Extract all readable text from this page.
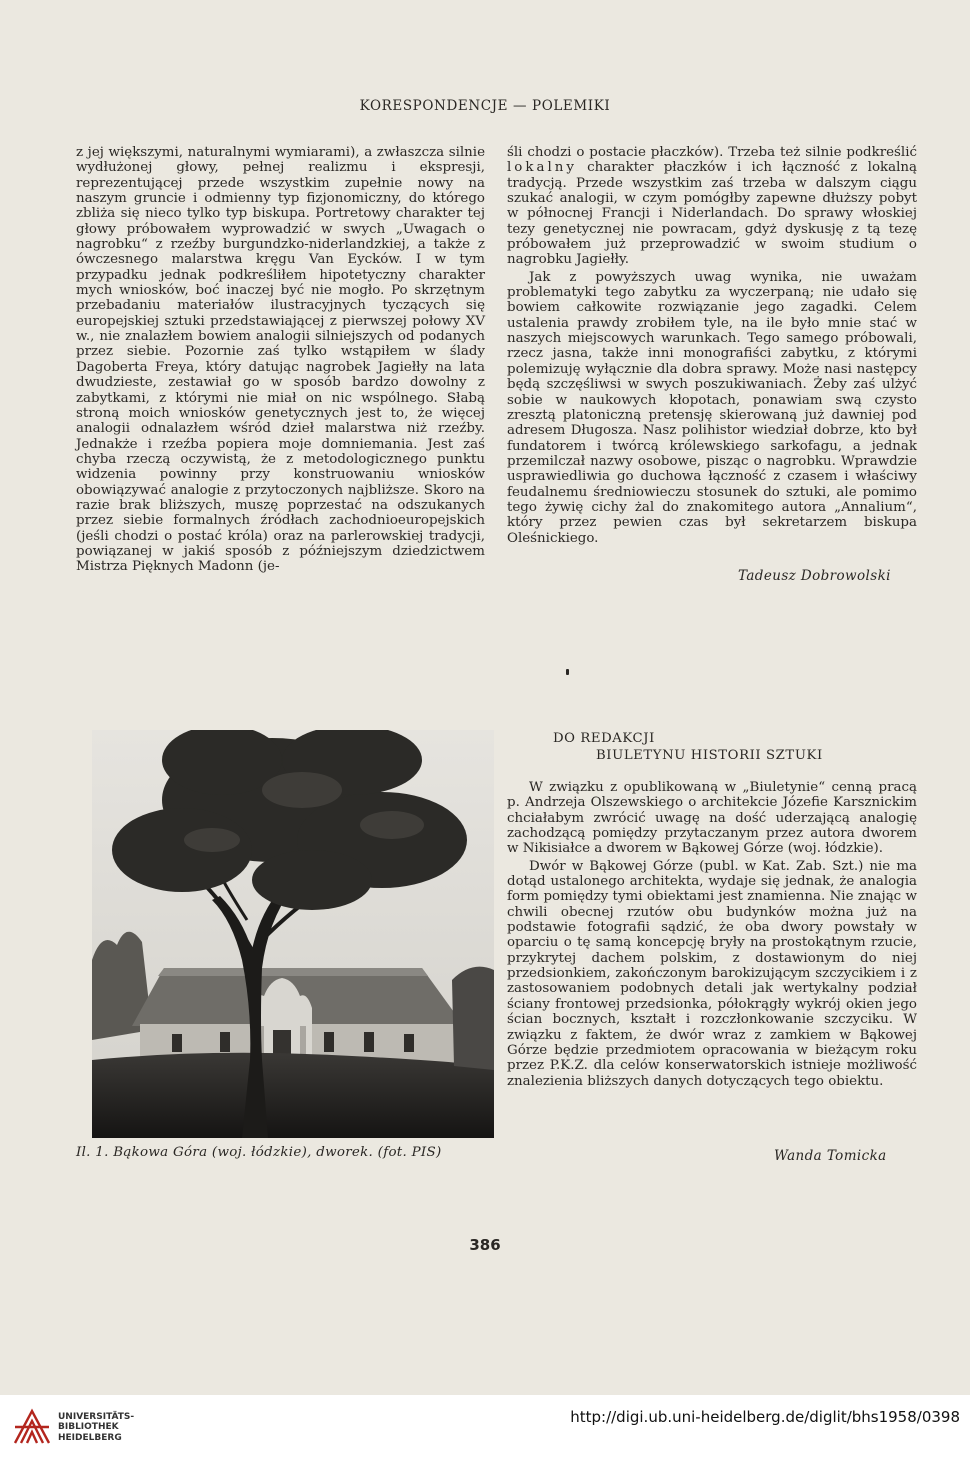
KORESPONDENCJE — POLEMIKI

z jej większymi, naturalnymi wymiarami), a zwłaszcza silnie wydłużonej głowy, pełnej realizmu i ekspresji, reprezentującej przede wszystkim zupełnie nowy na naszym gruncie i odmienny typ fizjonomiczny, do którego zbliża się nieco tylko typ biskupa. Portretowy charakter tej głowy próbowałem wyprowadzić w swych „Uwagach o nagrobku“ z rzeźby burgundzko-niderlandzkiej, a także z ówczesnego malarstwa kręgu Van Eycków. I w tym przypadku jednak podkreśliłem hipotetyczny charakter mych wniosków, boć inaczej być nie mogło. Po skrzętnym przebadaniu materiałów ilustracyjnych tyczących się europejskiej sztuki przedstawiającej z pierwszej połowy XV w., nie znalazłem bowiem analogii silniejszych od podanych przez siebie. Pozornie zaś tylko wstąpiłem w ślady Dagoberta Freya, który datując nagrobek Jagiełły na lata dwudzieste, zestawiał go w sposób bardzo dowolny z zabytkami, z którymi nie miał on nic wspólnego. Słabą stroną moich wniosków genetycznych jest to, że więcej analogii odnalazłem wśród dzieł malarstwa niż rzeźby. Jednakże i rzeźba popiera moje domniemania. Jest zaś chyba rzeczą oczywistą, że z metodologicznego punktu widzenia powinny przy konstruowaniu wniosków obowiązywać analogie z przytoczonych najbliższe. Skoro na razie brak bliższych, muszę poprzestać na odszukanych przez siebie formalnych źródłach zachodnioeuropejskich (jeśli chodzi o postać króla) oraz na parlerowskiej tradycji, powiązanej w jakiś sposób z późniejszym dziedzictwem Mistrza Pięknych Madonn (je-

śli chodzi o postacie płaczków). Trzeba też silnie podkreślić lokalny charakter płaczków i ich łączność z lokalną tradycją. Przede wszystkim zaś trzeba w dalszym ciągu szukać analogii, w czym pomógłby zapewne dłuższy pobyt w północnej Francji i Niderlandach. Do sprawy włoskiej tezy genetycznej nie powracam, gdyż dyskusję z tą tezę próbowałem już przeprowadzić w swoim studium o nagrobku Jagiełły.

Jak z powyższych uwag wynika, nie uważam problematyki tego zabytku za wyczerpaną; nie udało się bowiem całkowite rozwiązanie jego zagadki. Celem ustalenia prawdy zrobiłem tyle, na ile było mnie stać w naszych miejscowych warunkach. Tego samego próbowali, rzecz jasna, także inni monografiści zabytku, z którymi polemizuję wyłącznie dla dobra sprawy. Może nasi następcy będą szczęśliwsi w swych poszukiwaniach. Żeby zaś ulżyć sobie w naukowych kłopotach, ponawiam swą czysto zresztą platoniczną pretensję skierowaną już dawniej pod adresem Długosza. Nasz polihistor wiedział dobrze, kto był fundatorem i twórcą królewskiego sarkofagu, a jednak przemilczał nazwy osobowe, pisząc o nagrobku. Wprawdzie usprawiedliwia go duchowa łączność z czasem i właściwy feudalnemu średniowieczu stosunek do sztuki, ale pomimo tego żywię cichy żal do znakomitego autora „Annalium“, który przez pewien czas był sekretarzem biskupa Oleśnickiego.

Tadeusz Dobrowolski
DO REDAKCJI
BIULETYNU HISTORII SZTUKI

W związku z opublikowaną w „Biuletynie“ cenną pracą p. Andrzeja Olszewskiego o architekcie Józefie Karsznickim chciałabym zwrócić uwagę na dość uderzającą analogię zachodzącą pomiędzy przytaczanym przez autora dworem w Nikisiałce a dworem w Bąkowej Górze (woj. łódzkie).

Dwór w Bąkowej Górze (publ. w Kat. Zab. Szt.) nie ma dotąd ustalonego architekta, wydaje się jednak, że analogia form pomiędzy tymi obiektami jest znamienna. Nie znając w chwili obecnej rzutów obu budynków można już na podstawie fotografii sądzić, że oba dwory powstały w oparciu o tę samą koncepcję bryły na prostokątnym rzucie, przykrytej dachem polskim, z dostawionym do niej przedsionkiem, zakończonym barokizującym szczycikiem i z zastosowaniem podobnych detali jak wertykalny podział ściany frontowej przedsionka, półokrągły wykrój okien jego ścian bocznych, kształt i rozczłonkowanie szczyciku. W związku z faktem, że dwór wraz z zamkiem w Bąkowej Górze będzie przedmiotem opracowania w bieżącym roku przez P.K.Z. dla celów konserwatorskich istnieje możliwość znalezienia bliższych danych dotyczących tego obiektu.

Wanda Tomicka
Il. 1. Bąkowa Góra (woj. łódzkie), dworek. (fot. PIS)
386
UNIVERSITÄTS-
BIBLIOTHEK
HEIDELBERG
http://digi.ub.uni-heidelberg.de/diglit/bhs1958/0398
